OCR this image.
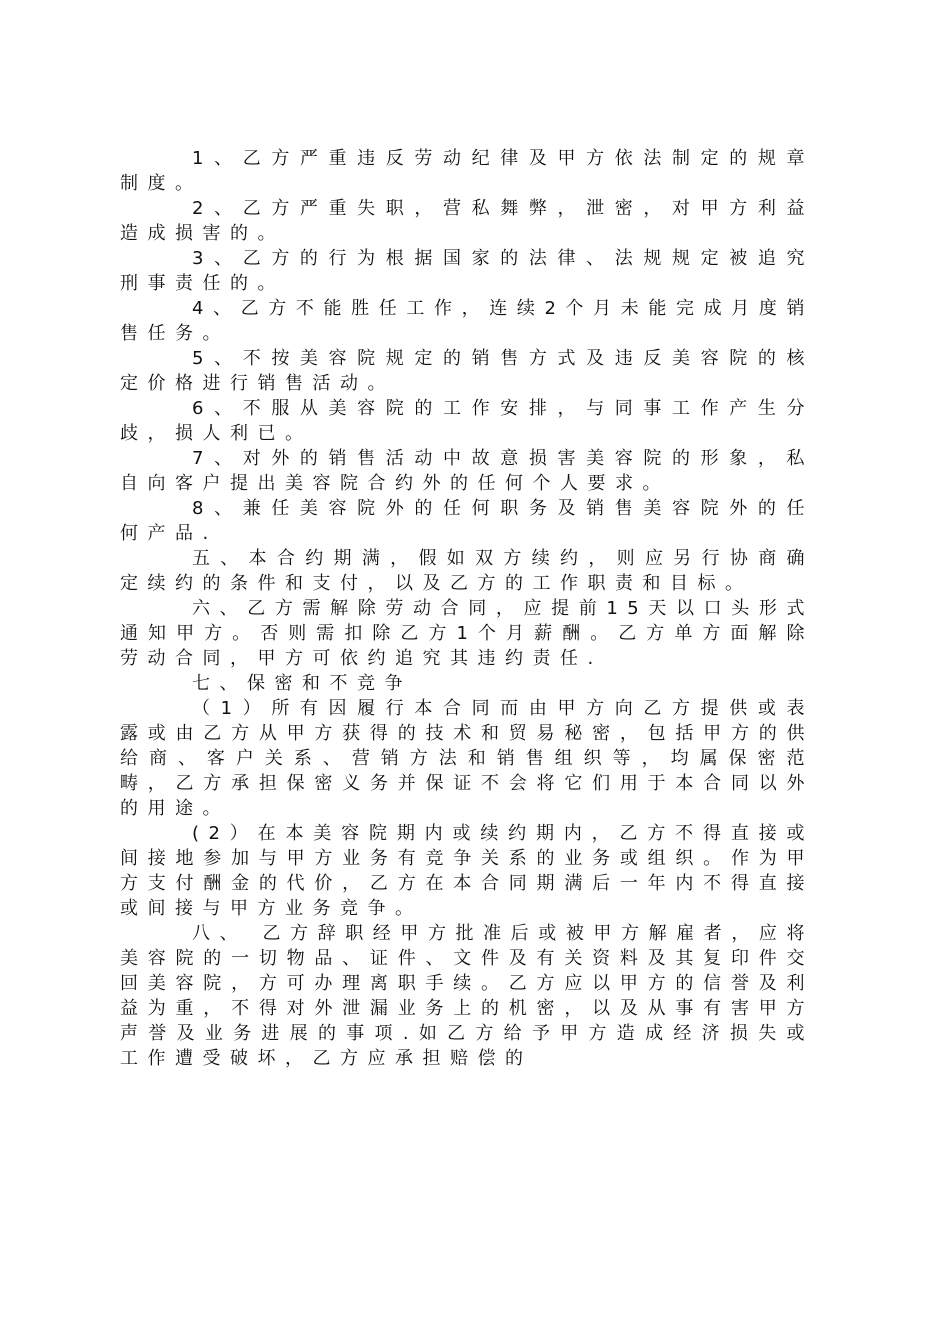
1、乙方严重违反劳动纪律及甲方依法制定的规章制度。

2、乙方严重失职，营私舞弊，泄密，对甲方利益造成损害的。

3、乙方的行为根据国家的法律、法规规定被追究刑事责任的。

4、乙方不能胜任工作，连续2个月未能完成月度销售任务。

5、不按美容院规定的销售方式及违反美容院的核定价格进行销售活动。

6、不服从美容院的工作安排，与同事工作产生分歧，损人利已。

7、对外的销售活动中故意损害美容院的形象，私自向客户提出美容院合约外的任何个人要求。

8、兼任美容院外的任何职务及销售美容院外的任何产品.

五、本合约期满，假如双方续约，则应另行协商确定续约的条件和支付，以及乙方的工作职责和目标。

六、乙方需解除劳动合同，应提前15天以口头形式通知甲方。否则需扣除乙方1个月薪酬。乙方单方面解除劳动合同，甲方可依约追究其违约责任.

七、保密和不竞争

（1）所有因履行本合同而由甲方向乙方提供或表露或由乙方从甲方获得的技术和贸易秘密，包括甲方的供给商、客户关系、营销方法和销售组织等，均属保密范畴，乙方承担保密义务并保证不会将它们用于本合同以外的用途。

(2）在本美容院期内或续约期内，乙方不得直接或间接地参加与甲方业务有竞争关系的业务或组织。作为甲方支付酬金的代价，乙方在本合同期满后一年内不得直接或间接与甲方业务竞争。

八、 乙方辞职经甲方批准后或被甲方解雇者，应将美容院的一切物品、证件、文件及有关资料及其复印件交回美容院，方可办理离职手续。乙方应以甲方的信誉及利益为重，不得对外泄漏业务上的机密，以及从事有害甲方声誉及业务进展的事项.如乙方给予甲方造成经济损失或工作遭受破坏，乙方应承担赔偿的
